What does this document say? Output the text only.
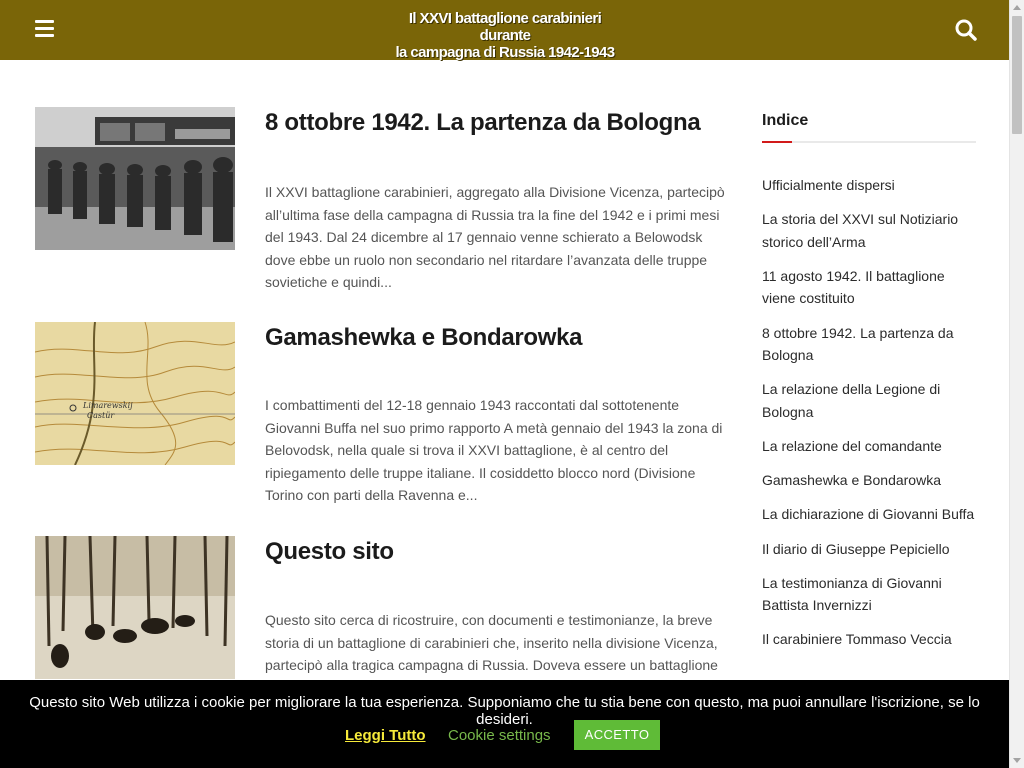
Il XXVI battaglione carabinieri durante
la campagna di Russia 1942-1943
8 ottobre 1942. La partenza da Bologna
Il XXVI battaglione carabinieri, aggregato alla Divisione Vicenza, partecipò all’ultima fase della campagna di Russia tra la fine del 1942 e i primi mesi del 1943. Dal 24 dicembre al 17 gennaio venne schierato a Belowodsk dove ebbe un ruolo non secondario nel ritardare l’avanzata delle truppe sovietiche e quindi...
Limarewskij
Castür
Gamashewka e Bondarowka
I combattimenti del 12-18 gennaio 1943 raccontati dal sottotenente Giovanni Buffa nel suo primo rapporto A metà gennaio del 1943 la zona di Belovodsk, nella quale si trova il XXVI battaglione, è al centro del ripiegamento delle truppe italiane. Il cosiddetto blocco nord (Divisione Torino con parti della Ravenna e...
Questo sito
Questo sito cerca di ricostruire, con documenti e testimonianze, la breve storia di un battaglione di carabinieri che, inserito nella divisione Vicenza, partecipò alla tragica campagna di Russia. Doveva essere un battaglione
Indice
Ufficialmente dispersi
La storia del XXVI sul Notiziario storico dell’Arma
11 agosto 1942. Il battaglione viene costituito
8 ottobre 1942. La partenza da Bologna
La relazione della Legione di Bologna
La relazione del comandante
Gamashewka e Bondarowka
La dichiarazione di Giovanni Buffa
Il diario di Giuseppe Pepiciello
La testimonianza di Giovanni Battista Invernizzi
Il carabiniere Tommaso Veccia
Questo sito Web utilizza i cookie per migliorare la tua esperienza. Supponiamo che tu stia bene con questo, ma puoi annullare l'iscrizione, se lo desideri.
Leggi Tutto Cookie settings	ACCETTO
